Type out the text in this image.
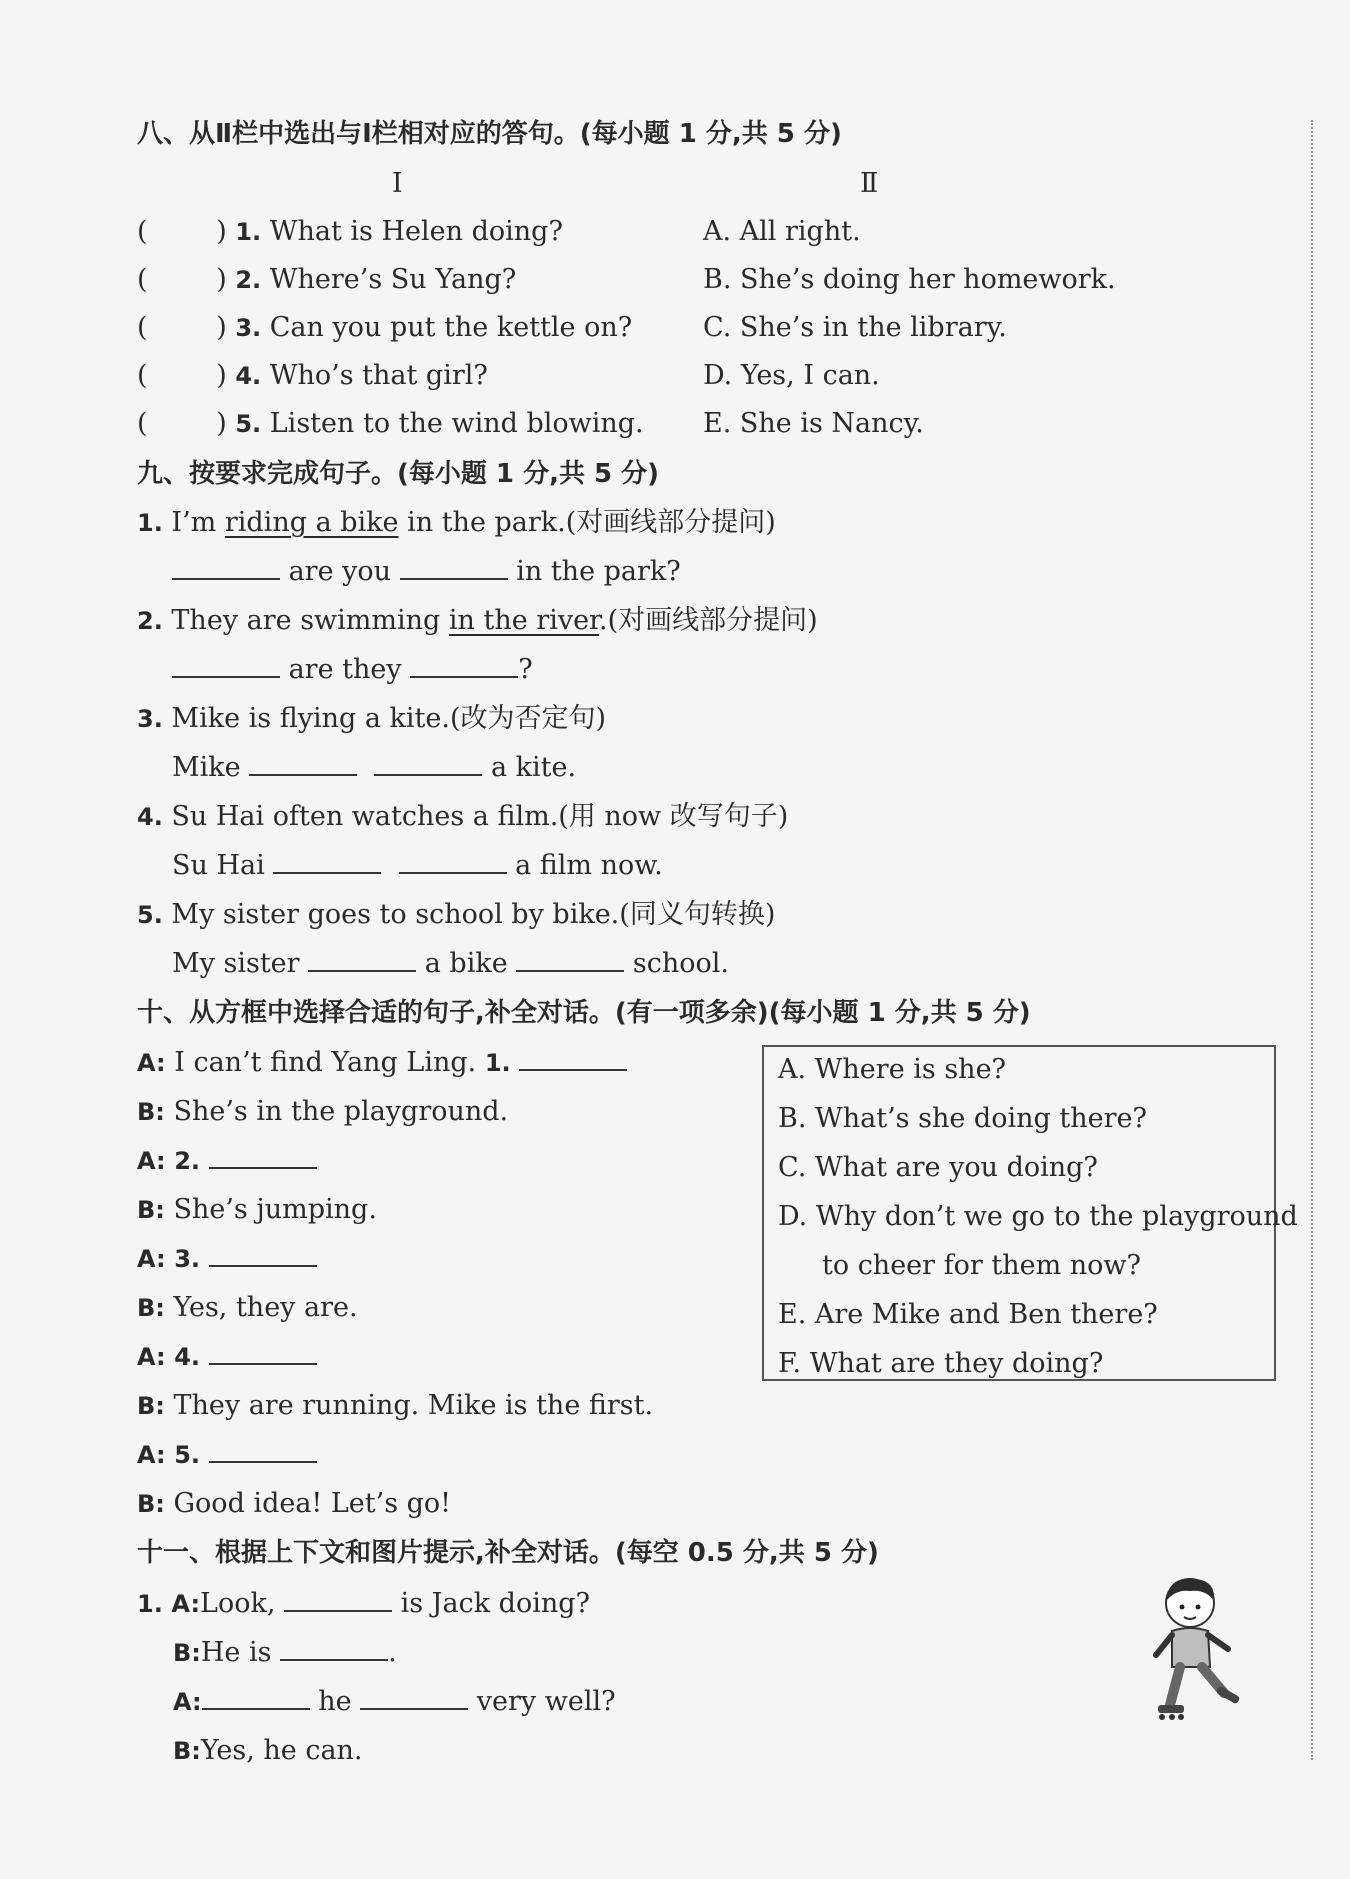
八、从Ⅱ栏中选出与Ⅰ栏相对应的答句。(每小题 1 分,共 5 分)
Ⅰ	Ⅱ
(        ) 1. What is Helen doing?	A. All right.
(        ) 2. Where’s Su Yang?	B. She’s doing her homework.
(        ) 3. Can you put the kettle on?	C. She’s in the library.
(        ) 4. Who’s that girl?	D. Yes, I can.
(        ) 5. Listen to the wind blowing. E. She is Nancy.
九、按要求完成句子。(每小题 1 分,共 5 分)
1. I’m riding a bike in the park.(对画线部分提问)
are you	in the park?
2. They are swimming in the river.(对画线部分提问)
are they	?
3. Mike is flying a kite.(改为否定句)
Mike	a kite.
4. Su Hai often watches a film.(用 now 改写句子)
Su Hai	a film now.
5. My sister goes to school by bike.(同义句转换)
My sister	a bike	school.
十、从方框中选择合适的句子,补全对话。(有一项多余)(每小题 1 分,共 5 分)
A: I can’t find Yang Ling. 1.
B: She’s in the playground.
A: 2.
B: She’s jumping.
A: 3.
B: Yes, they are.
A: 4.
B: They are running. Mike is the first.
A: 5.
B: Good idea! Let’s go!
A. Where is she?
B. What’s she doing there?
C. What are you doing?
D. Why don’t we go to the playground
to cheer for them now?
E. Are Mike and Ben there?
F. What are they doing?
十一、根据上下文和图片提示,补全对话。(每空 0.5 分,共 5 分)
1. A:Look,	is Jack doing?
B:He is	.
A:	he	very well?
B:Yes, he can.
